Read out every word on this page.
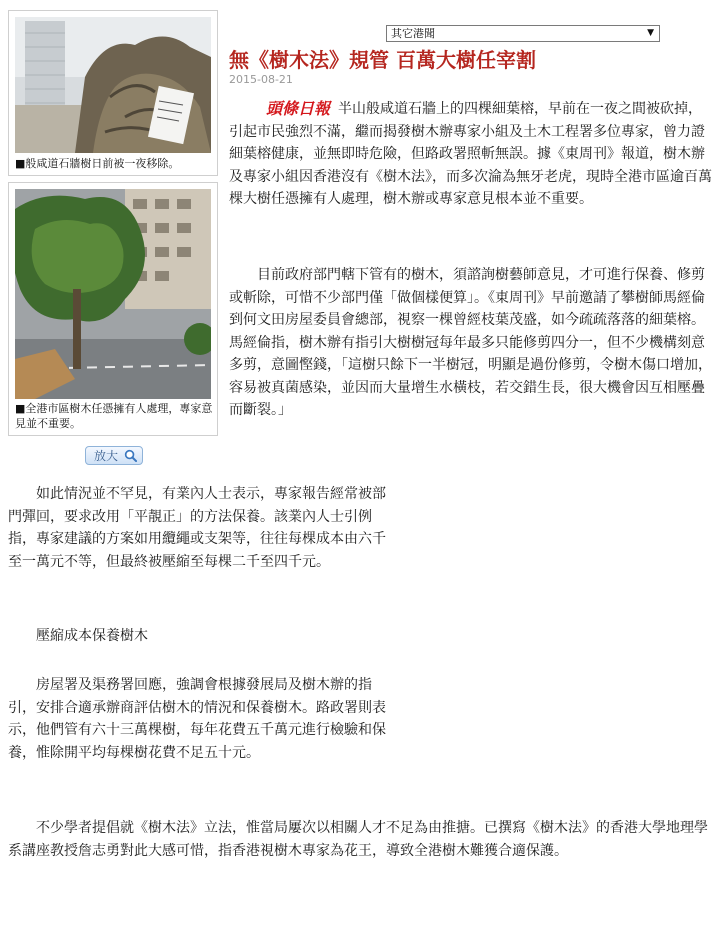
■般咸道石牆樹日前被一夜移除。
■全港市區樹木任憑擁有人處理，專家意見並不重要。
放大
其它港聞	▼
無《樹木法》規管 百萬大樹任宰割
2015-08-21
頭條日報 半山般咸道石牆上的四棵細葉榕，早前在一夜之間被砍掉，引起市民強烈不滿，繼而揭發樹木辦專家小組及土木工程署多位專家，曾力證細葉榕健康，並無即時危險，但路政署照斬無誤。據《東周刊》報道，樹木辦及專家小組因香港沒有《樹木法》，而多次淪為無牙老虎，現時全港市區逾百萬棵大樹任憑擁有人處理，樹木辦或專家意見根本並不重要。

目前政府部門轄下管有的樹木，須諮詢樹藝師意見，才可進行保養、修剪或斬除，可惜不少部門僅「做個樣便算」。《東周刊》早前邀請了攀樹師馬經倫到何文田房屋委員會總部，視察一棵曾經枝葉茂盛，如今疏疏落落的細葉榕。馬經倫指，樹木辦有指引大樹樹冠每年最多只能修剪四分一，但不少機構刻意多剪，意圖慳錢，「這樹只餘下一半樹冠，明顯是過份修剪，令樹木傷口增加，容易被真菌感染，並因而大量增生水橫枝，若交錯生長，很大機會因互相壓疊而斷裂。」

如此情況並不罕見，有業內人士表示，專家報告經常被部門彈回，要求改用「平靚正」的方法保養。該業內人士引例指，專家建議的方案如用纜繩或支架等，往往每棵成本由六千至一萬元不等，但最終被壓縮至每棵二千至四千元。

壓縮成本保養樹木

房屋署及渠務署回應，強調會根據發展局及樹木辦的指引，安排合適承辦商評估樹木的情況和保養樹木。路政署則表示，他們管有六十三萬棵樹，每年花費五千萬元進行檢驗和保養，惟除開平均每棵樹花費不足五十元。

不少學者提倡就《樹木法》立法，惟當局屢次以相關人才不足為由推搪。已撰寫《樹木法》的香港大學地理學系講座教授詹志勇對此大感可惜，指香港視樹木專家為花王，導致全港樹木難獲合適保護。
